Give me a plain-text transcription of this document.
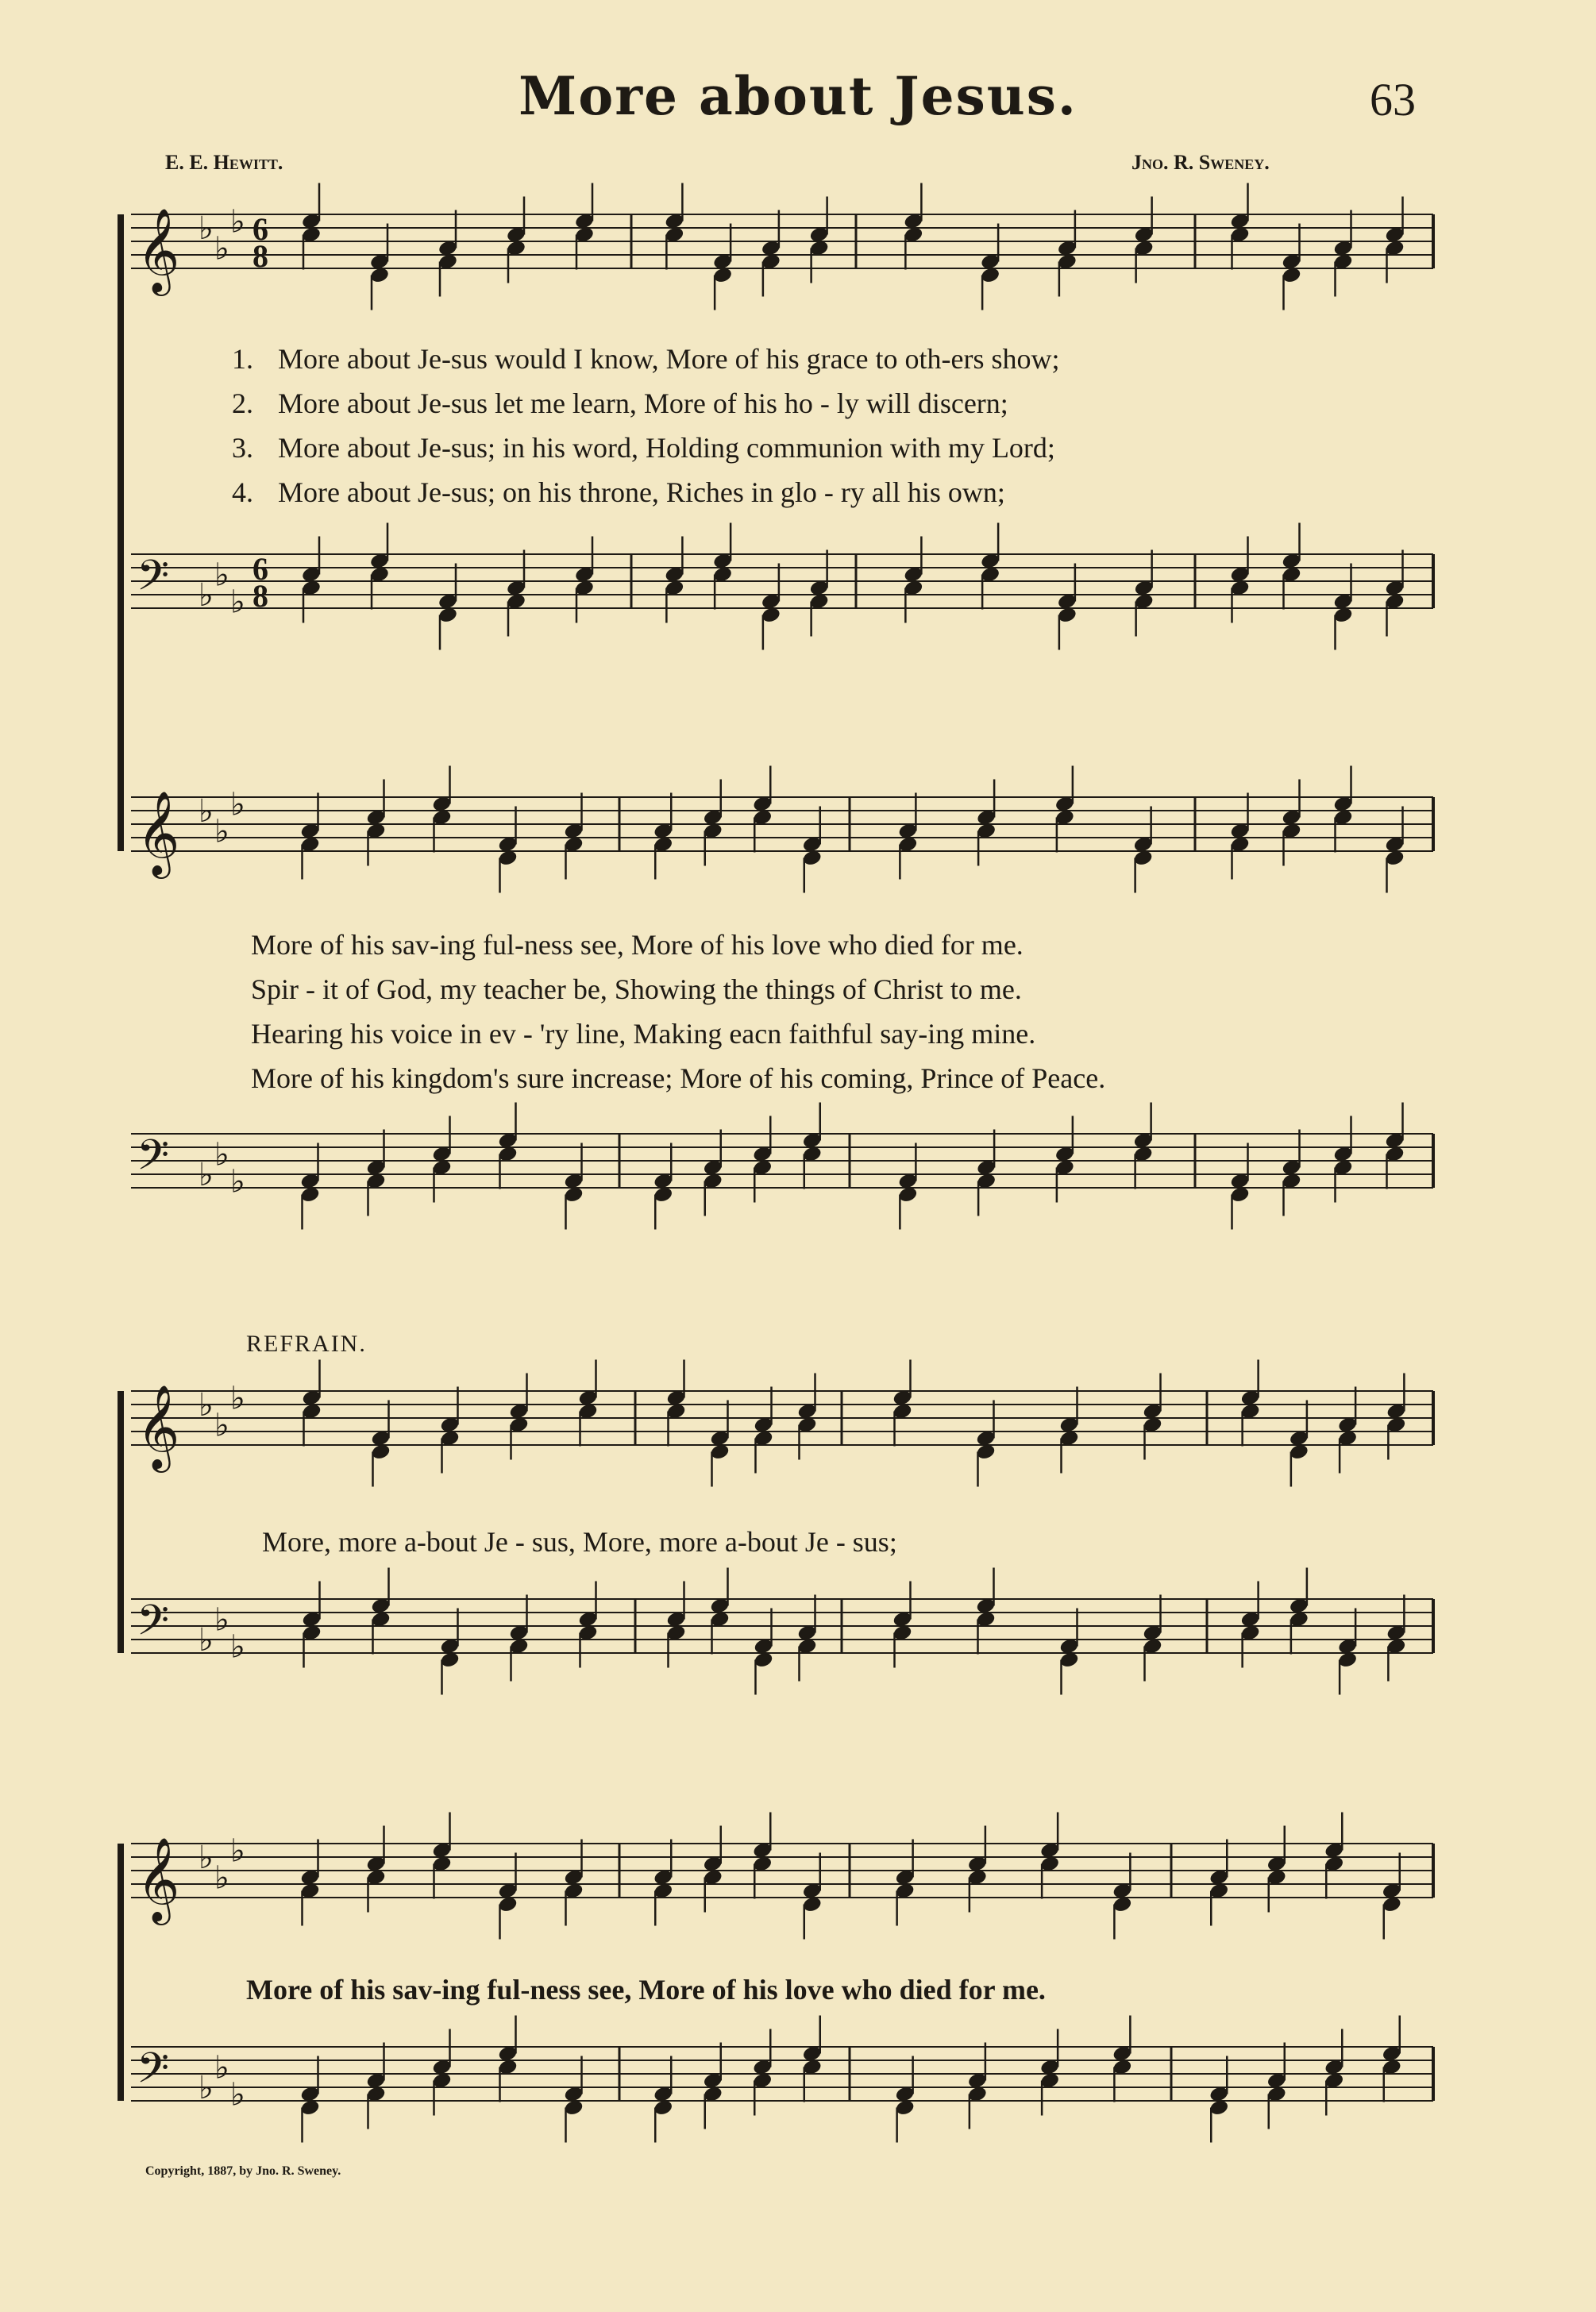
More about Jesus.	63
E. E. Hewitt.	Jno. R. Sweney.
𝄞 ♭
♭
♭
𝄢 ♭
♭
♭
𝄞 ♭
♭
♭
𝄢 ♭
♭
♭
𝄞 ♭
♭
♭
𝄢 ♭
♭
♭
𝄞 ♭
♭
♭
𝄢 ♭
♭
♭
6
8
6
8
1. More about Je-sus would I know, More of his grace to oth-ers show;
2. More about Je-sus let me learn, More of his ho - ly will discern;
3. More about Je-sus; in his word, Holding communion with my Lord;
4. More about Je-sus; on his throne, Riches in glo - ry all his own;
More of his sav-ing ful-ness see, More of his love who died for me.
Spir - it of God, my teacher be, Showing the things of Christ to me.
Hearing his voice in ev - 'ry line, Making eacn faithful say-ing mine.
More of his kingdom's sure increase; More of his coming, Prince of Peace.
REFRAIN.
More, more a-bout Je - sus, More, more a-bout Je - sus;
More of his sav-ing ful-ness see, More of his love who died for me.
Copyright, 1887, by Jno. R. Sweney.
